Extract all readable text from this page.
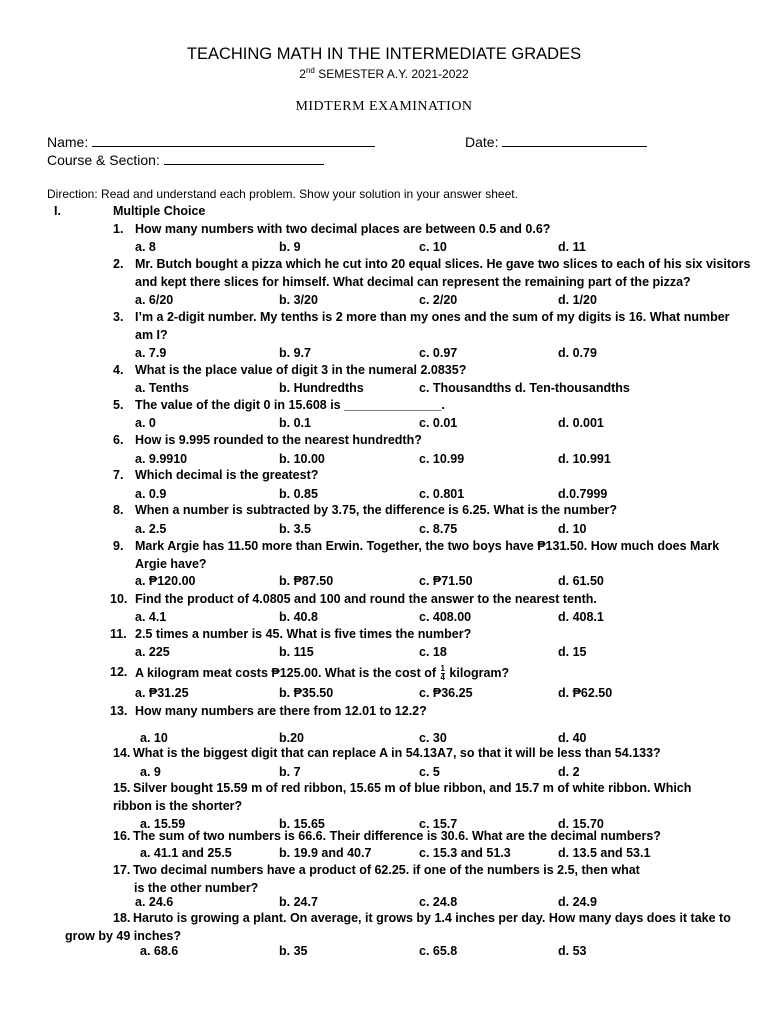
TEACHING MATH IN THE INTERMEDIATE GRADES
2nd SEMESTER A.Y. 2021-2022
MIDTERM EXAMINATION
Name:	Date:
Course & Section:
Direction: Read and understand each problem. Show your solution in your answer sheet.
I.	Multiple Choice
1. How many numbers with two decimal places are between 0.5 and 0.6?
a. 8	b. 9	c. 10	d. 11
2. Mr. Butch bought a pizza which he cut into 20 equal slices. He gave two slices to each of his six visitors
and kept there slices for himself. What decimal can represent the remaining part of the pizza?
a. 6/20	b. 3/20	c. 2/20	d. 1/20
3. I’m a 2-digit number. My tenths is 2 more than my ones and the sum of my digits is 16. What number
am I?
a. 7.9	b. 9.7	c. 0.97	d. 0.79
4. What is the place value of digit 3 in the numeral 2.0835?
a. Tenths	b. Hundredths	c. Thousandths d. Ten-thousandths
5. The value of the digit 0 in 15.608 is ______________.
a. 0	b. 0.1	c. 0.01	d. 0.001
6. How is 9.995 rounded to the nearest hundredth?
a. 9.9910	b. 10.00	c. 10.99	d. 10.991
7. Which decimal is the greatest?
a. 0.9	b. 0.85	c. 0.801	d.0.7999
8. When a number is subtracted by 3.75, the difference is 6.25. What is the number?
a. 2.5	b. 3.5	c. 8.75	d. 10
9. Mark Argie has 11.50 more than Erwin. Together, the two boys have ₱131.50. How much does Mark
Argie have?
a. ₱120.00	b. ₱87.50	c. ₱71.50	d. 61.50
10. Find the product of 4.0805 and 100 and round the answer to the nearest tenth.
a. 4.1	b. 40.8	c. 408.00	d. 408.1
11. 2.5 times a number is 45. What is five times the number?
a. 225	b. 115	c. 18	d. 15
12. A kilogram meat costs ₱125.00. What is the cost of $\frac{1}{4}$ kilogram?
a. ₱31.25	b. ₱35.50	c. ₱36.25	d. ₱62.50
13. How many numbers are there from 12.01 to 12.2?
a. 10	b.20	c. 30	d. 40
14. What is the biggest digit that can replace A in 54.13A7, so that it will be less than 54.133?
a. 9	b. 7	c. 5	d. 2
15. Silver bought 15.59 m of red ribbon, 15.65 m of blue ribbon, and 15.7 m of white ribbon. Which
ribbon is the shorter?
a. 15.59	b. 15.65	c. 15.7	d. 15.70
16. The sum of two numbers is 66.6. Their difference is 30.6. What are the decimal numbers?
a. 41.1 and 25.5	b. 19.9 and 40.7	c. 15.3 and 51.3	d. 13.5 and 53.1
17. Two decimal numbers have a product of 62.25. if one of the numbers is 2.5, then what
is the other number?
a. 24.6	b. 24.7	c. 24.8	d. 24.9
18. Haruto is growing a plant. On average, it grows by 1.4 inches per day. How many days does it take to
grow by 49 inches?
a. 68.6	b. 35	c. 65.8	d. 53
